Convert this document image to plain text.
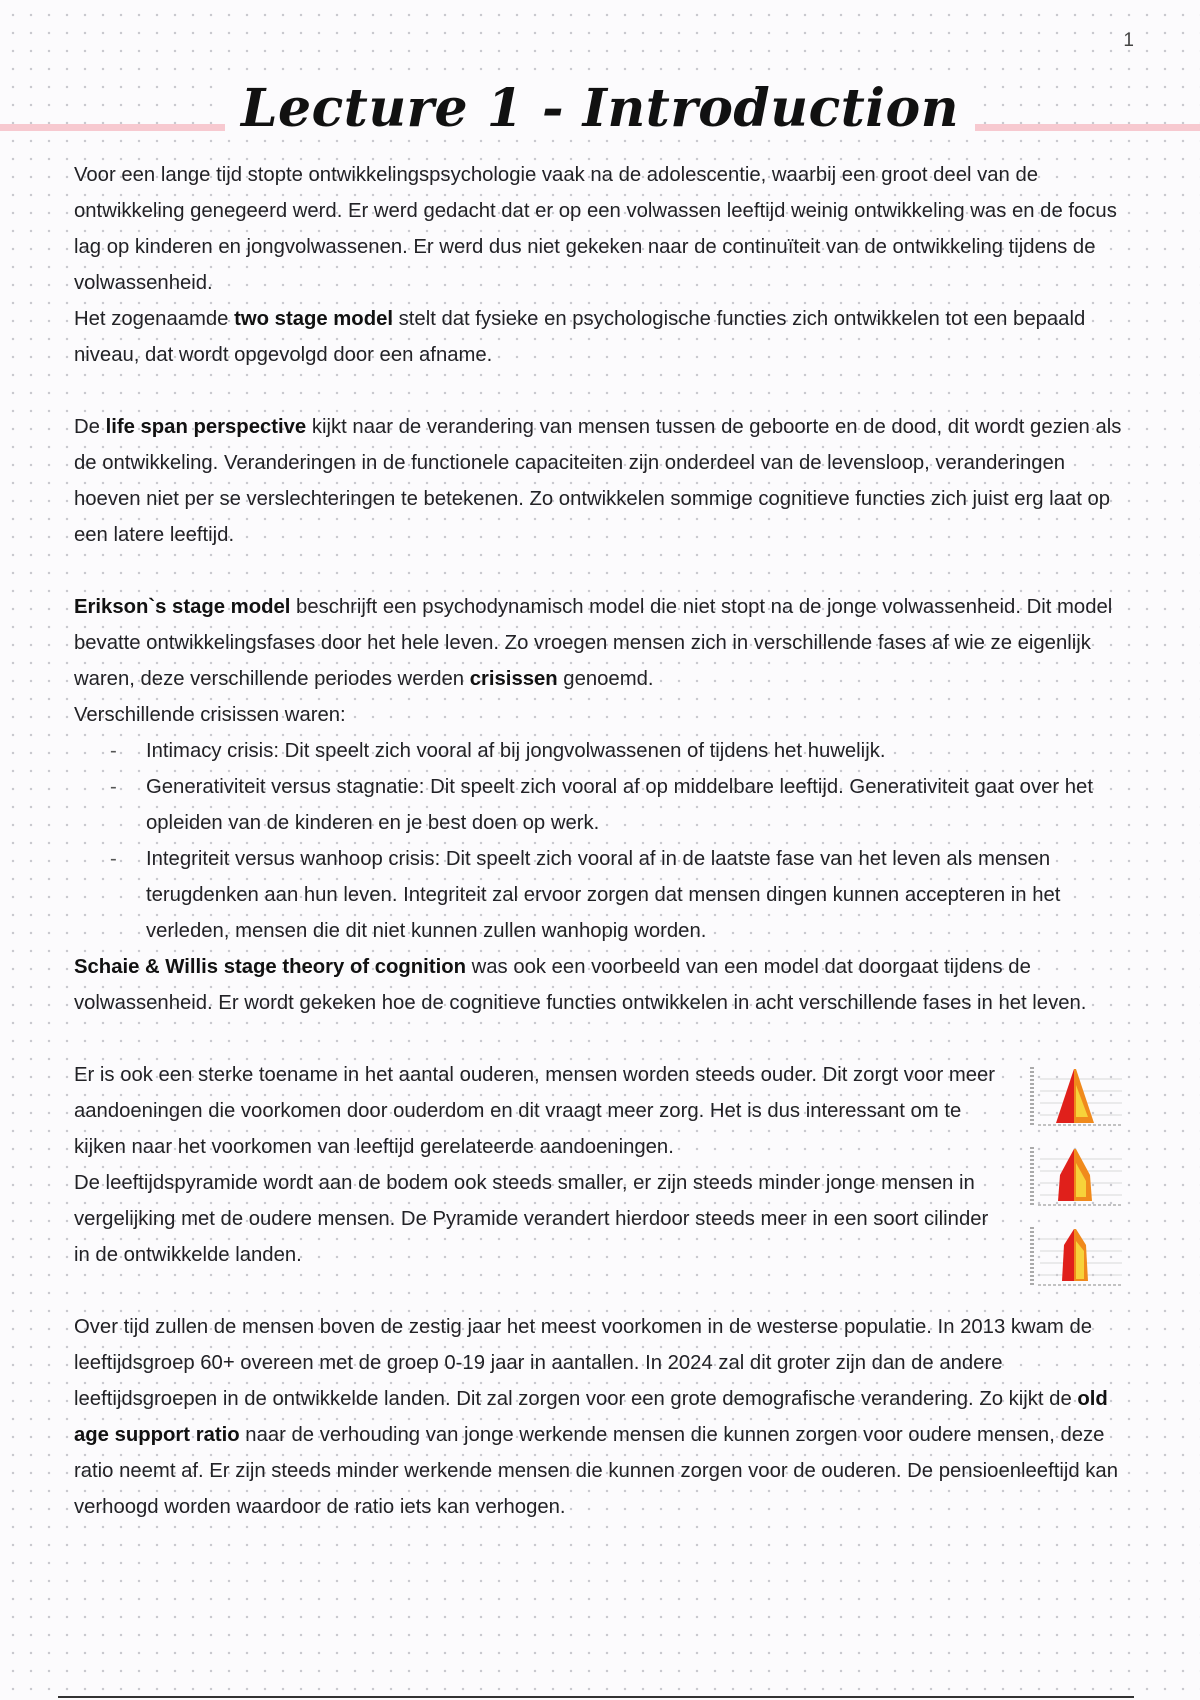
1
Lecture 1 - Introduction

Voor een lange tijd stopte ontwikkelingspsychologie vaak na de adolescentie, waarbij een groot deel van de ontwikkeling genegeerd werd. Er werd gedacht dat er op een volwassen leeftijd weinig ontwikkeling was en de focus lag op kinderen en jongvolwassenen. Er werd dus niet gekeken naar de continuïteit van de ontwikkeling tijdens de volwassenheid.

Het zogenaamde two stage model stelt dat fysieke en psychologische functies zich ontwikkelen tot een bepaald niveau, dat wordt opgevolgd door een afname.

De life span perspective kijkt naar de verandering van mensen tussen de geboorte en de dood, dit wordt gezien als de ontwikkeling. Veranderingen in de functionele capaciteiten zijn onderdeel van de levensloop, veranderingen hoeven niet per se verslechteringen te betekenen. Zo ontwikkelen sommige cognitieve functies zich juist erg laat op een latere leeftijd.

Erikson`s stage model beschrijft een psychodynamisch model die niet stopt na de jonge volwassenheid. Dit model bevatte ontwikkelingsfases door het hele leven. Zo vroegen mensen zich in verschillende fases af wie ze eigenlijk waren, deze verschillende periodes werden crisissen genoemd.

Verschillende crisissen waren:

- Intimacy crisis: Dit speelt zich vooral af bij jongvolwassenen of tijdens het huwelijk.
- Generativiteit versus stagnatie: Dit speelt zich vooral af op middelbare leeftijd. Generativiteit gaat over het opleiden van de kinderen en je best doen op werk.
- Integriteit versus wanhoop crisis: Dit speelt zich vooral af in de laatste fase van het leven als mensen terugdenken aan hun leven. Integriteit zal ervoor zorgen dat mensen dingen kunnen accepteren in het verleden, mensen die dit niet kunnen zullen wanhopig worden.

Schaie & Willis stage theory of cognition was ook een voorbeeld van een model dat doorgaat tijdens de volwassenheid. Er wordt gekeken hoe de cognitieve functies ontwikkelen in acht verschillende fases in het leven.

Er is ook een sterke toename in het aantal ouderen, mensen worden steeds ouder. Dit zorgt voor meer aandoeningen die voorkomen door ouderdom en dit vraagt meer zorg. Het is dus interessant om te kijken naar het voorkomen van leeftijd gerelateerde aandoeningen.

De leeftijdspyramide wordt aan de bodem ook steeds smaller, er zijn steeds minder jonge mensen in vergelijking met de oudere mensen. De Pyramide verandert hierdoor steeds meer in een soort cilinder in de ontwikkelde landen.

Over tijd zullen de mensen boven de zestig jaar het meest voorkomen in de westerse populatie. In 2013 kwam de leeftijdsgroep 60+ overeen met de groep 0-19 jaar in aantallen. In 2024 zal dit groter zijn dan de andere leeftijdsgroepen in de ontwikkelde landen. Dit zal zorgen voor een grote demografische verandering. Zo kijkt de old age support ratio naar de verhouding van jonge werkende mensen die kunnen zorgen voor oudere mensen, deze ratio neemt af. Er zijn steeds minder werkende mensen die kunnen zorgen voor de ouderen. De pensioenleeftijd kan verhoogd worden waardoor de ratio iets kan verhogen.
